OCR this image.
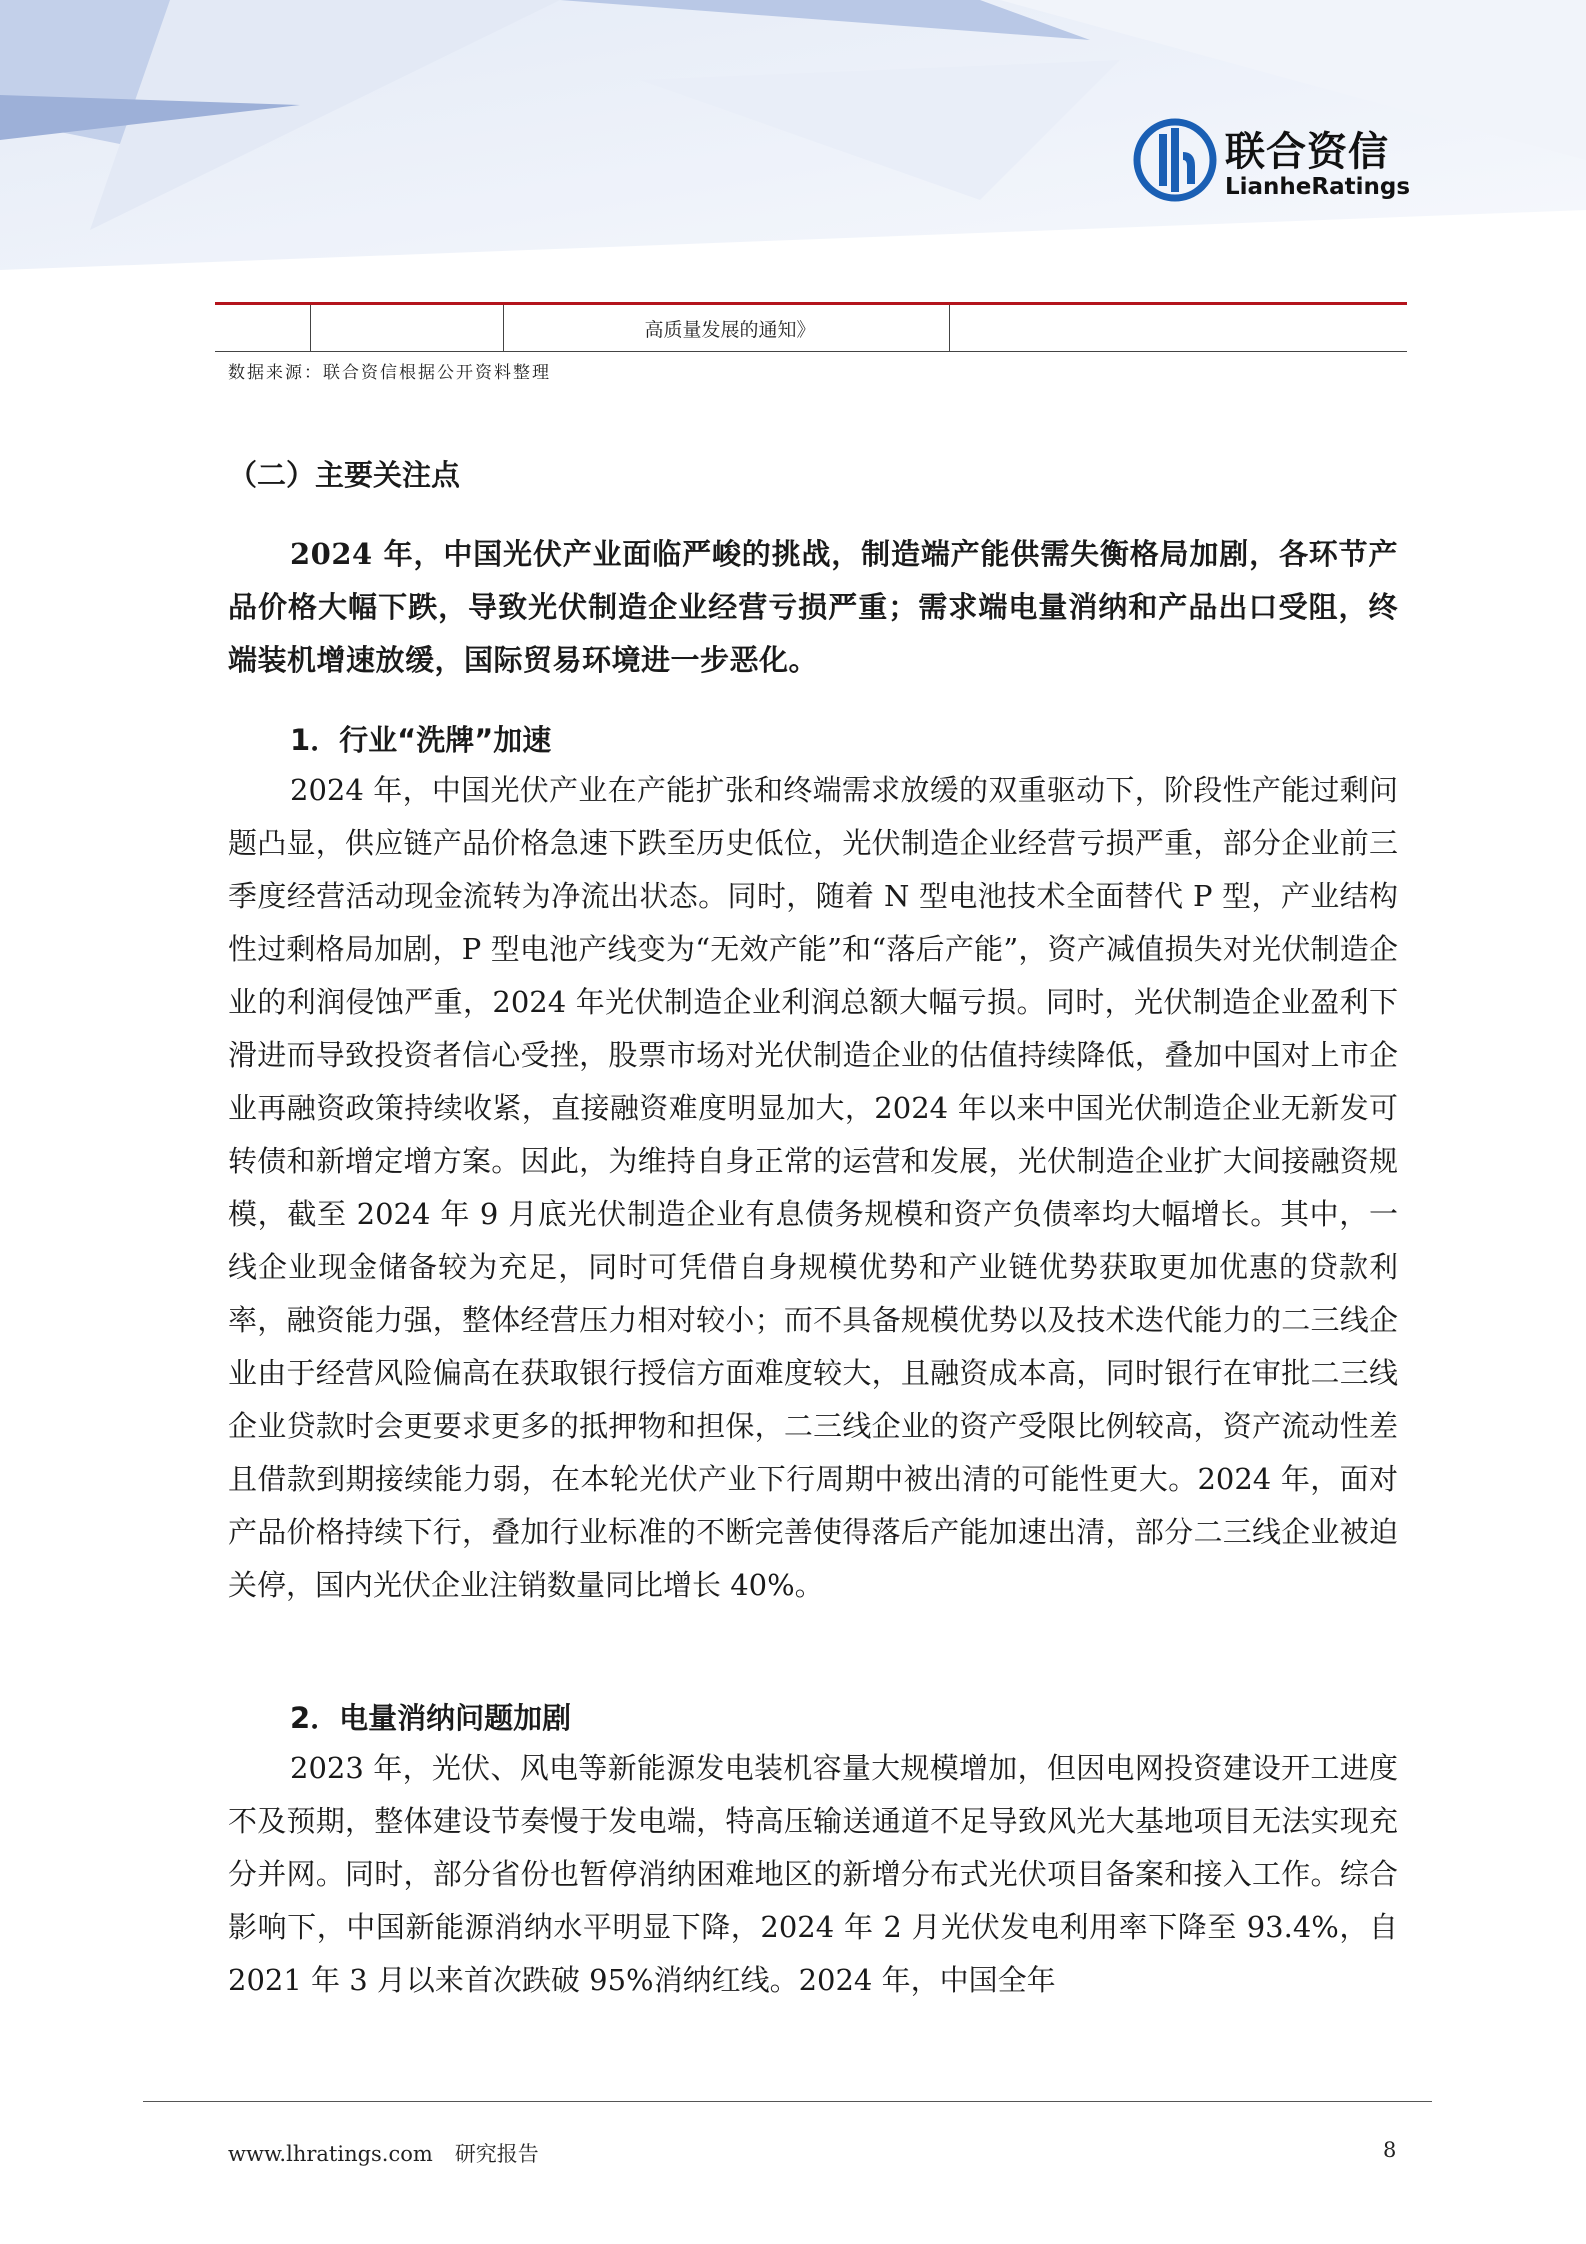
联合资信
LianheRatings
高质量发展的通知》
数据来源：联合资信根据公开资料整理
（二）主要关注点
2024 年，中国光伏产业面临严峻的挑战，制造端产能供需失衡格局加剧，各环节产品价格大幅下跌，导致光伏制造企业经营亏损严重；需求端电量消纳和产品出口受阻，终端装机增速放缓，国际贸易环境进一步恶化。
1．行业“洗牌”加速
2024 年，中国光伏产业在产能扩张和终端需求放缓的双重驱动下，阶段性产能过剩问题凸显，供应链产品价格急速下跌至历史低位，光伏制造企业经营亏损严重，部分企业前三季度经营活动现金流转为净流出状态。同时，随着 N 型电池技术全面替代 P 型，产业结构性过剩格局加剧，P 型电池产线变为“无效产能”和“落后产能”，资产减值损失对光伏制造企业的利润侵蚀严重，2024 年光伏制造企业利润总额大幅亏损。同时，光伏制造企业盈利下滑进而导致投资者信心受挫，股票市场对光伏制造企业的估值持续降低，叠加中国对上市企业再融资政策持续收紧，直接融资难度明显加大，2024 年以来中国光伏制造企业无新发可转债和新增定增方案。因此，为维持自身正常的运营和发展，光伏制造企业扩大间接融资规模，截至 2024 年 9 月底光伏制造企业有息债务规模和资产负债率均大幅增长。其中，一线企业现金储备较为充足，同时可凭借自身规模优势和产业链优势获取更加优惠的贷款利率，融资能力强，整体经营压力相对较小；而不具备规模优势以及技术迭代能力的二三线企业由于经营风险偏高在获取银行授信方面难度较大，且融资成本高，同时银行在审批二三线企业贷款时会更要求更多的抵押物和担保，二三线企业的资产受限比例较高，资产流动性差且借款到期接续能力弱，在本轮光伏产业下行周期中被出清的可能性更大。2024 年，面对产品价格持续下行，叠加行业标准的不断完善使得落后产能加速出清，部分二三线企业被迫关停，国内光伏企业注销数量同比增长 40%。
2．电量消纳问题加剧
2023 年，光伏、风电等新能源发电装机容量大规模增加，但因电网投资建设开工进度不及预期，整体建设节奏慢于发电端，特高压输送通道不足导致风光大基地项目无法实现充分并网。同时，部分省份也暂停消纳困难地区的新增分布式光伏项目备案和接入工作。综合影响下，中国新能源消纳水平明显下降，2024 年 2 月光伏发电利用率下降至 93.4%，自 2021 年 3 月以来首次跌破 95%消纳红线。2024 年，中国全年
www.lhratings.com 研究报告	8
